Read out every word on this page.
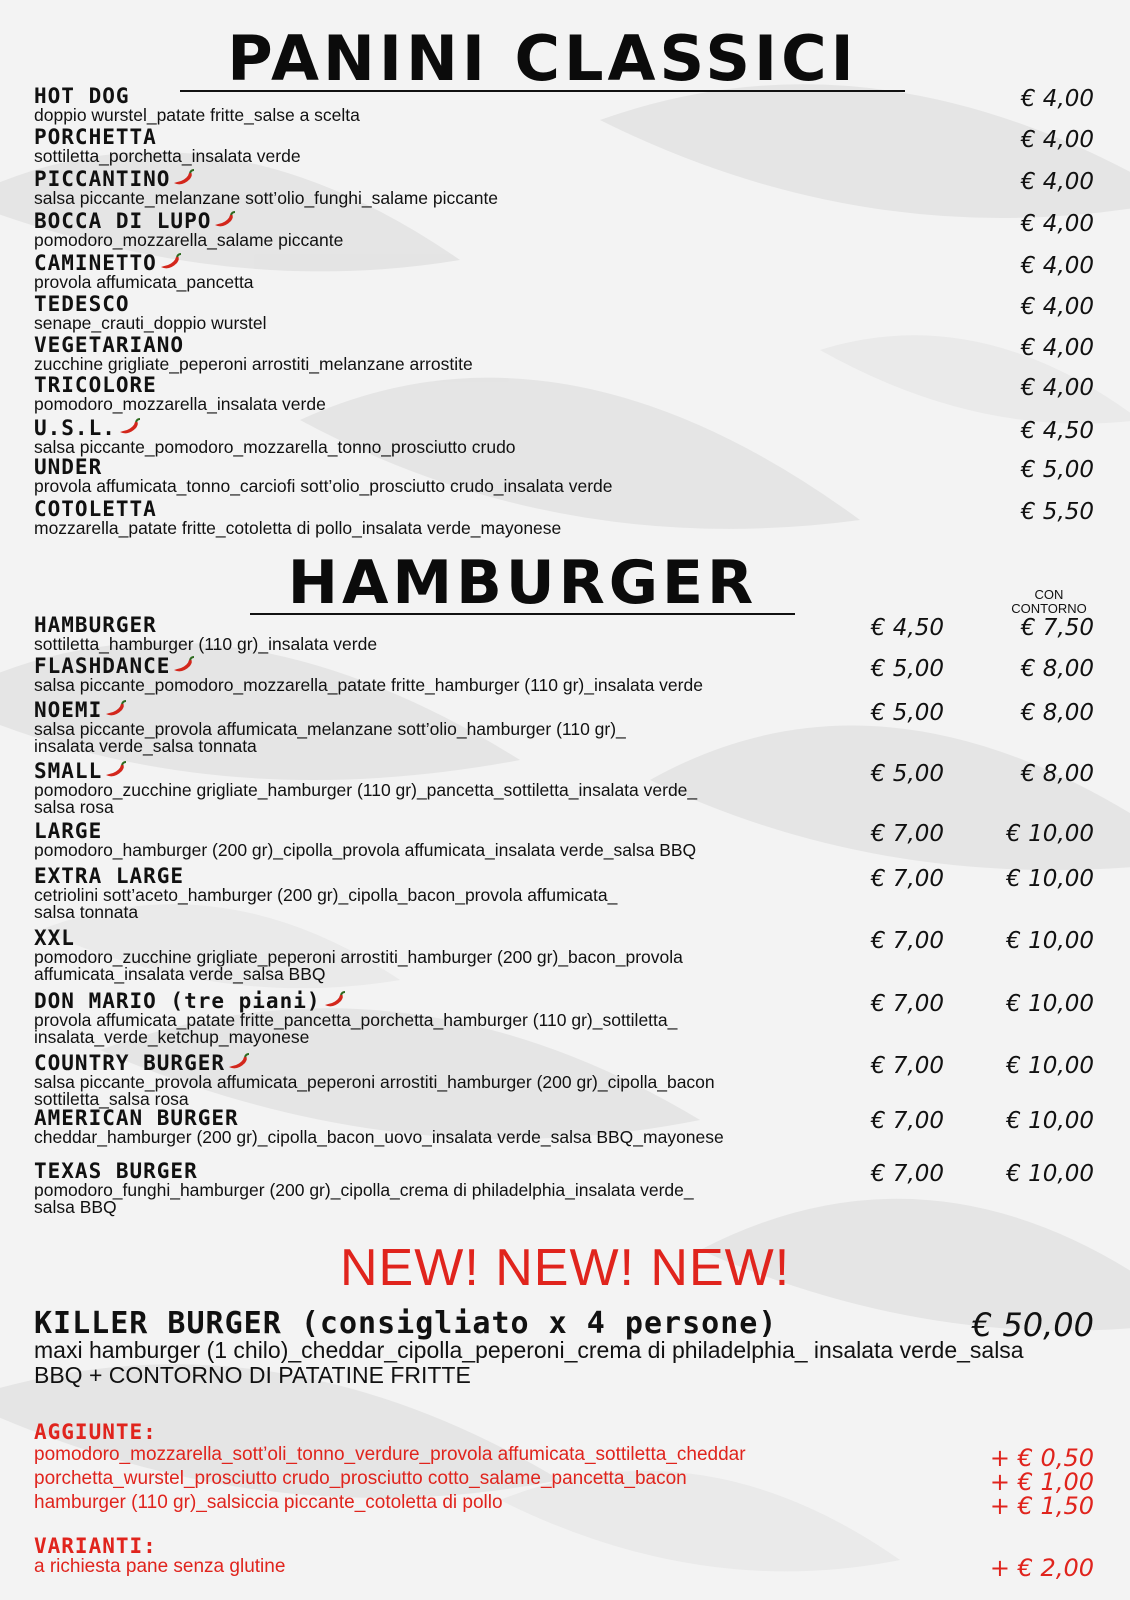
PANINI CLASSICI
HOT DOG
doppio wurstel_patate fritte_salse a scelta
€ 4,00
PORCHETTA
sottiletta_porchetta_insalata verde
€ 4,00
PICCANTINO
salsa piccante_melanzane sott’olio_funghi_salame piccante
€ 4,00
BOCCA DI LUPO
pomodoro_mozzarella_salame piccante
€ 4,00
CAMINETTO
provola affumicata_pancetta
€ 4,00
TEDESCO
senape_crauti_doppio wurstel
€ 4,00
VEGETARIANO
zucchine grigliate_peperoni arrostiti_melanzane arrostite
€ 4,00
TRICOLORE
pomodoro_mozzarella_insalata verde
€ 4,00
U.S.L.
salsa piccante_pomodoro_mozzarella_tonno_prosciutto crudo
€ 4,50
UNDER
provola affumicata_tonno_carciofi sott’olio_prosciutto crudo_insalata verde
€ 5,00
COTOLETTA
mozzarella_patate fritte_cotoletta di pollo_insalata verde_mayonese
€ 5,50
HAMBURGER	CON CONTORNO
HAMBURGER
sottiletta_hamburger (110 gr)_insalata verde
€ 4,50	€ 7,50
FLASHDANCE
salsa piccante_pomodoro_mozzarella_patate fritte_hamburger (110 gr)_insalata verde
€ 5,00	€ 8,00
NOEMI
salsa piccante_provola affumicata_melanzane sott’olio_hamburger (110 gr)_
insalata verde_salsa tonnata
€ 5,00	€ 8,00
SMALL
pomodoro_zucchine grigliate_hamburger (110 gr)_pancetta_sottiletta_insalata verde_
salsa rosa
€ 5,00	€ 8,00
LARGE
pomodoro_hamburger (200 gr)_cipolla_provola affumicata_insalata verde_salsa BBQ
€ 7,00	€ 10,00
EXTRA LARGE
cetriolini sott’aceto_hamburger (200 gr)_cipolla_bacon_provola affumicata_
salsa tonnata
€ 7,00	€ 10,00
XXL
pomodoro_zucchine grigliate_peperoni arrostiti_hamburger (200 gr)_bacon_provola
affumicata_insalata verde_salsa BBQ
€ 7,00	€ 10,00
DON MARIO (tre piani)
provola affumicata_patate fritte_pancetta_porchetta_hamburger (110 gr)_sottiletta_
insalata_verde_ketchup_mayonese
€ 7,00	€ 10,00
COUNTRY BURGER
salsa piccante_provola affumicata_peperoni arrostiti_hamburger (200 gr)_cipolla_bacon
sottiletta_salsa rosa
€ 7,00	€ 10,00
AMERICAN BURGER
cheddar_hamburger (200 gr)_cipolla_bacon_uovo_insalata verde_salsa BBQ_mayonese
€ 7,00	€ 10,00
TEXAS BURGER
pomodoro_funghi_hamburger (200 gr)_cipolla_crema di philadelphia_insalata verde_
salsa BBQ
€ 7,00	€ 10,00
NEW! NEW! NEW!
KILLER BURGER (consigliato x 4 persone)	€ 50,00
maxi hamburger (1 chilo)_cheddar_cipolla_peperoni_crema di philadelphia_ insalata verde_salsa BBQ + CONTORNO DI PATATINE FRITTE
AGGIUNTE:
pomodoro_mozzarella_sott’oli_tonno_verdure_provola affumicata_sottiletta_cheddar	+ € 0,50
porchetta_wurstel_prosciutto crudo_prosciutto cotto_salame_pancetta_bacon	+ € 1,00
hamburger (110 gr)_salsiccia piccante_cotoletta di pollo	+ € 1,50
VARIANTI:
a richiesta pane senza glutine	+ € 2,00
